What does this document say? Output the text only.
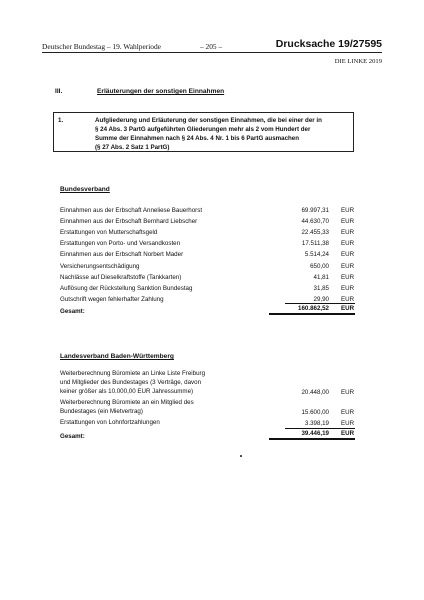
Deutscher Bundestag – 19. Wahlperiode	– 205 –	Drucksache 19/27595
DIE LINKE 2019
III.	Erläuterungen der sonstigen Einnahmen
1.	Aufgliederung und Erläuterung der sonstigen Einnahmen, die bei einer der in
§ 24 Abs. 3 PartG aufgeführten Gliederungen mehr als 2 vom Hundert der
Summe der Einnahmen nach § 24 Abs. 4 Nr. 1 bis 6 PartG ausmachen
(§ 27 Abs. 2 Satz 1 PartG)
Bundesverband
Einnahmen aus der Erbschaft Anneliese Bauerhorst	69.997,31	EUR
Einnahmen aus der Erbschaft Bernhard Liebscher	44.630,70	EUR
Erstattungen von Mutterschaftsgeld	22.455,33	EUR
Erstattungen von Porto- und Versandkosten	17.511,38	EUR
Einnahmen aus der Erbschaft Norbert Mader	5.514,24	EUR
Versicherungsentschädigung	650,00	EUR
Nachlässe auf Dieselkraftstoffe (Tankkarten)	41,81	EUR
Auflösung der Rückstellung Sanktion Bundestag	31,85	EUR
Gutschrift wegen fehlerhafter Zahlung	29,90	EUR
Gesamt:	160.862,52	EUR
Landesverband Baden-Württemberg
Weiterberechnung Büromiete an Linke Liste Freiburg
und Mitglieder des Bundestages (3 Verträge, davon
keiner größer als 10.000,00 EUR Jahressumme)	20.448,00	EUR
Weiterberechnung Büromiete an ein Mitglied des
Bundestages (ein Mietvertrag)	15.600,00	EUR
Erstattungen von Lohnfortzahlungen	3.398,19	EUR
Gesamt:	39.446,19	EUR
